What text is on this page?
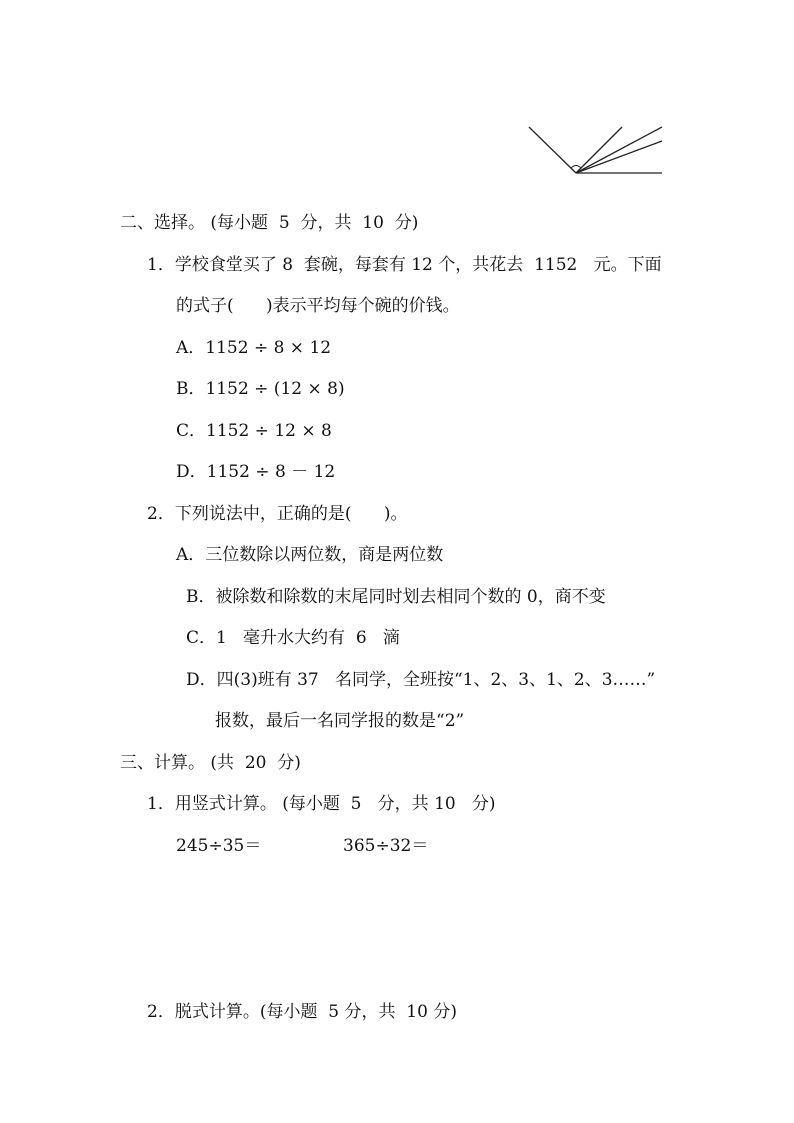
二、选择。 (每小题  5  分，共  10  分)
1．学校食堂买了 8  套碗，每套有 12 个，共花去  1152   元。下面
的式子(      )表示平均每个碗的价钱。
A．1152 ÷ 8 × 12
B．1152 ÷ (12 × 8)
C．1152 ÷ 12 × 8
D．1152 ÷ 8 － 12
2．下列说法中，正确的是(      )。
A．三位数除以两位数，商是两位数
B．被除数和除数的末尾同时划去相同个数的 0，商不变
C．1   毫升水大约有  6   滴
D．四(3)班有 37   名同学，全班按“1、2、3、1、2、3……”
报数，最后一名同学报的数是“2”
三、计算。 (共  20  分)
1．用竖式计算。 (每小题  5   分，共 10   分)
245÷35＝	365÷32＝
2．脱式计算。(每小题  5 分，共  10 分)
